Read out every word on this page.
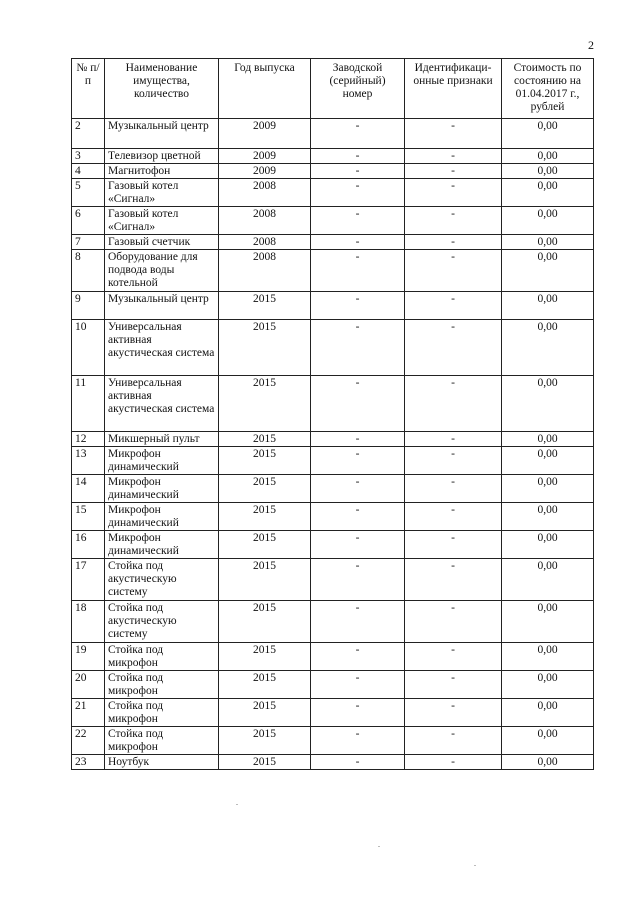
2
№ п/п	Наименование имущества, количество	Год выпуска	Заводской (серийный) номер	Идентификаци-онные признаки	Стоимость по состоянию на 01.04.2017 г., рублей
2	Музыкальный центр	2009	-	-	0,00
3	Телевизор цветной	2009	-	-	0,00
4	Магнитофон	2009	-	-	0,00
5	Газовый котел «Сигнал»	2008	-	-	0,00
6	Газовый котел «Сигнал»	2008	-	-	0,00
7	Газовый счетчик	2008	-	-	0,00
8	Оборудование для подвода воды котельной	2008	-	-	0,00
9	Музыкальный центр	2015	-	-	0,00
10	Универсальная активная акустическая система	2015	-	-	0,00
11	Универсальная активная акустическая система	2015	-	-	0,00
12	Микшерный пульт	2015	-	-	0,00
13	Микрофон динамический	2015	-	-	0,00
14	Микрофон динамический	2015	-	-	0,00
15	Микрофон динамический	2015	-	-	0,00
16	Микрофон динамический	2015	-	-	0,00
17	Стойка под акустическую систему	2015	-	-	0,00
18	Стойка под акустическую систему	2015	-	-	0,00
19	Стойка под микрофон	2015	-	-	0,00
20	Стойка под микрофон	2015	-	-	0,00
21	Стойка под микрофон	2015	-	-	0,00
22	Стойка под микрофон	2015	-	-	0,00
23	Ноутбук	2015	-	-	0,00
